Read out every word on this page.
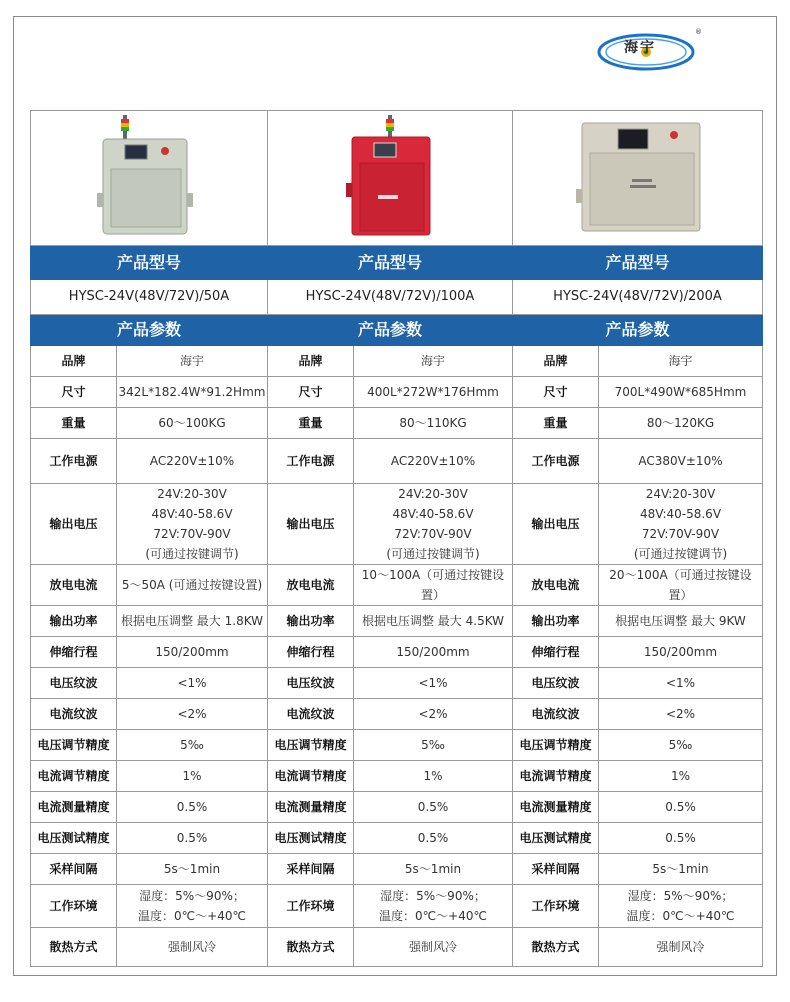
海宇
®

产品型号		产品型号		产品型号	
HYSC-24V(48V/72V)/50A		HYSC-24V(48V/72V)/100A		HYSC-24V(48V/72V)/200A	
产品参数		产品参数		产品参数	
品牌	海宇	品牌	海宇	品牌	海宇
尺寸	342L*182.4W*91.2Hmm	尺寸	400L*272W*176Hmm	尺寸	700L*490W*685Hmm
重量	60～100KG	重量	80～110KG	重量	80～120KG
工作电源	AC220V±10%	工作电源	AC220V±10%	工作电源	AC380V±10%
输出电压	24V:20-30V
48V:40-58.6V
72V:70V-90V
(可通过按键调节)	输出电压	24V:20-30V
48V:40-58.6V
72V:70V-90V
(可通过按键调节)	输出电压	24V:20-30V
48V:40-58.6V
72V:70V-90V
(可通过按键调节)

放电电流	5～50A (可通过按键设置)	放电电流	10～100A（可通过按键设
置）	放电电流	20～100A（可通过按键设
置）

输出功率	根据电压调整 最大 1.8KW	输出功率	根据电压调整 最大 4.5KW	输出功率	根据电压调整 最大 9KW
伸缩行程	150/200mm	伸缩行程	150/200mm	伸缩行程	150/200mm
电压纹波	<1%	电压纹波	<1%	电压纹波	<1%
电流纹波	<2%	电流纹波	<2%	电流纹波	<2%
电压调节精度	5‰	电压调节精度	5‰	电压调节精度	5‰
电流调节精度	1%	电流调节精度	1%	电流调节精度	1%
电流测量精度	0.5%	电流测量精度	0.5%	电流测量精度	0.5%
电压测试精度	0.5%	电压测试精度	0.5%	电压测试精度	0.5%
采样间隔	5s～1min	采样间隔	5s～1min	采样间隔	5s～1min
工作环境	湿度：5%～90%；
温度：0℃～+40℃	工作环境	湿度：5%～90%；
温度：0℃～+40℃	工作环境	湿度：5%～90%；
温度：0℃～+40℃

散热方式	强制风冷	散热方式	强制风冷	散热方式	强制风冷
